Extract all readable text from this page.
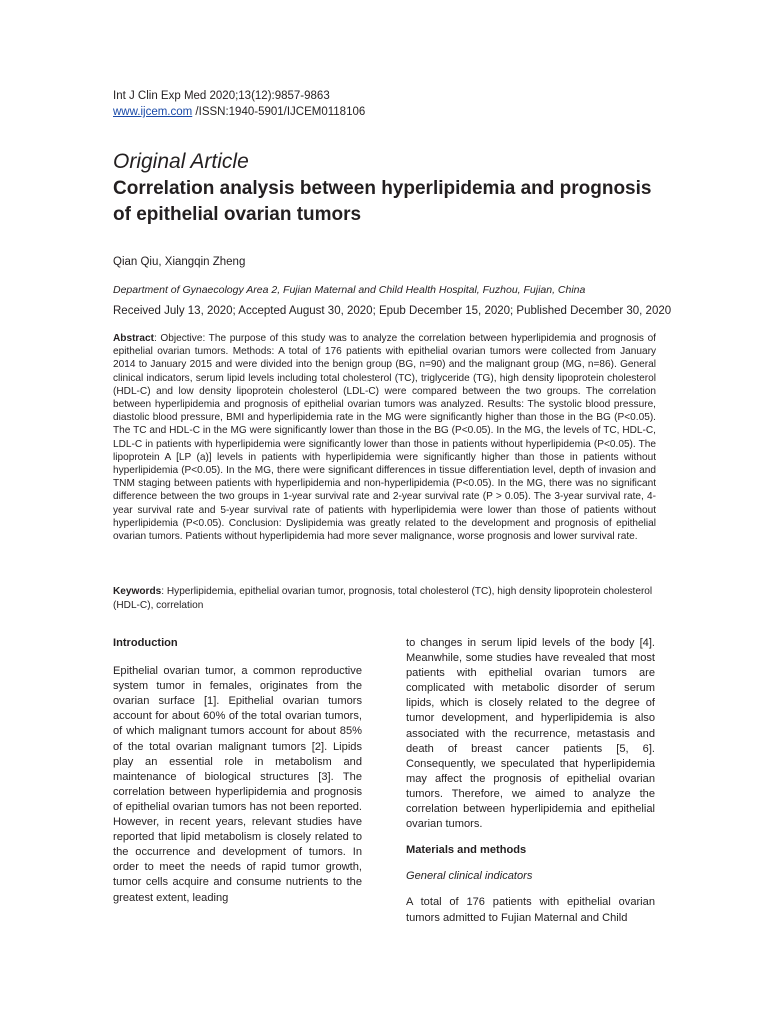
Int J Clin Exp Med 2020;13(12):9857-9863
www.ijcem.com /ISSN:1940-5901/IJCEM0118106
Original Article
Correlation analysis between hyperlipidemia and prognosis of epithelial ovarian tumors
Qian Qiu, Xiangqin Zheng
Department of Gynaecology Area 2, Fujian Maternal and Child Health Hospital, Fuzhou, Fujian, China
Received July 13, 2020; Accepted August 30, 2020; Epub December 15, 2020; Published December 30, 2020
Abstract: Objective: The purpose of this study was to analyze the correlation between hyperlipidemia and prognosis of epithelial ovarian tumors. Methods: A total of 176 patients with epithelial ovarian tumors were collected from January 2014 to January 2015 and were divided into the benign group (BG, n=90) and the malignant group (MG, n=86). General clinical indicators, serum lipid levels including total cholesterol (TC), triglyceride (TG), high density lipoprotein cholesterol (HDL-C) and low density lipoprotein cholesterol (LDL-C) were compared between the two groups. The correlation between hyperlipidemia and prognosis of epithelial ovarian tumors was analyzed. Results: The systolic blood pressure, diastolic blood pressure, BMI and hyperlipidemia rate in the MG were significantly higher than those in the BG (P<0.05). The TC and HDL-C in the MG were significantly lower than those in the BG (P<0.05). In the MG, the levels of TC, HDL-C, LDL-C in patients with hyperlipidemia were significantly lower than those in patients without hyperlipidemia (P<0.05). The lipoprotein A [LP (a)] levels in patients with hyperlipidemia were significantly higher than those in patients without hyperlipidemia (P<0.05). In the MG, there were significant differences in tissue differentiation level, depth of invasion and TNM staging between patients with hyperlipidemia and non-hyperlipidemia (P<0.05). In the MG, there was no significant difference between the two groups in 1-year survival rate and 2-year survival rate (P > 0.05). The 3-year survival rate, 4-year survival rate and 5-year survival rate of patients with hyperlipidemia were lower than those of patients without hyperlipidemia (P<0.05). Conclusion: Dyslipidemia was greatly related to the development and prognosis of epithelial ovarian tumors. Patients without hyperlipidemia had more sever malignance, worse prognosis and lower survival rate.
Keywords: Hyperlipidemia, epithelial ovarian tumor, prognosis, total cholesterol (TC), high density lipoprotein cholesterol (HDL-C), correlation

Introduction

Epithelial ovarian tumor, a common reproductive system tumor in females, originates from the ovarian surface [1]. Epithelial ovarian tumors account for about 60% of the total ovarian tumors, of which malignant tumors account for about 85% of the total ovarian malignant tumors [2]. Lipids play an essential role in metabolism and maintenance of biological structures [3]. The correlation between hyperlipidemia and prognosis of epithelial ovarian tumors has not been reported. However, in recent years, relevant studies have reported that lipid metabolism is closely related to the occurrence and development of tumors. In order to meet the needs of rapid tumor growth, tumor cells acquire and consume nutrients to the greatest extent, leading

to changes in serum lipid levels of the body [4]. Meanwhile, some studies have revealed that most patients with epithelial ovarian tumors are complicated with metabolic disorder of serum lipids, which is closely related to the degree of tumor development, and hyperlipidemia is also associated with the recurrence, metastasis and death of breast cancer patients [5, 6]. Consequently, we speculated that hyperlipidemia may affect the prognosis of epithelial ovarian tumors. Therefore, we aimed to analyze the correlation between hyperlipidemia and epithelial ovarian tumors.

Materials and methods

General clinical indicators

A total of 176 patients with epithelial ovarian tumors admitted to Fujian Maternal and Child
